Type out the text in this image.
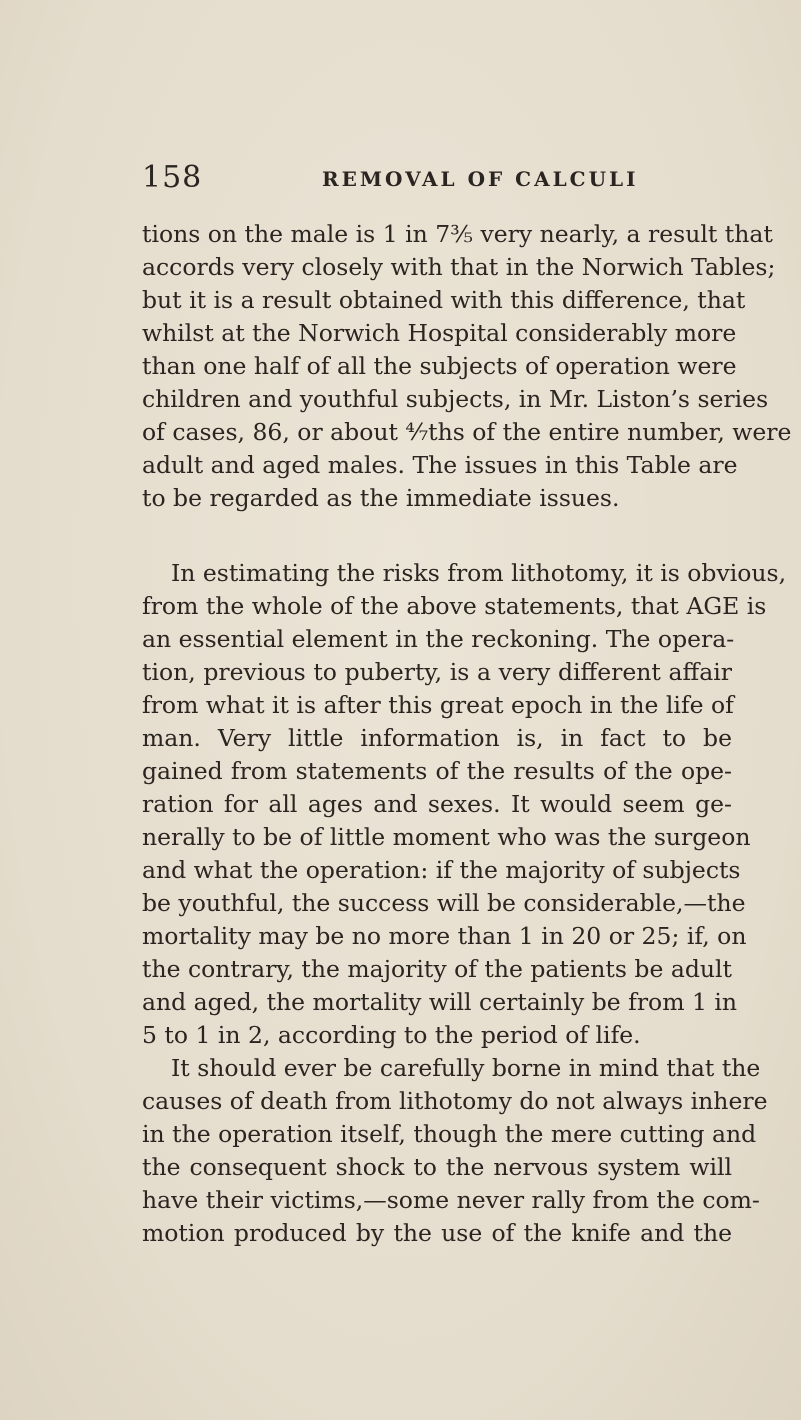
158	REMOVAL OF CALCULI
tions on the male is 1 in 7⅗ very nearly, a result that
accords very closely with that in the Norwich Tables;
but it is a result obtained with this difference, that
whilst at the Norwich Hospital considerably more
than one half of all the subjects of operation were
children and youthful subjects, in Mr. Liston’s series
of cases, 86, or about ⁴⁄₇ths of the entire number, were
adult and aged males. The issues in this Table are
to be regarded as the immediate issues.
In estimating the risks from lithotomy, it is obvious,
from the whole of the above statements, that AGE is
an essential element in the reckoning. The opera-
tion, previous to puberty, is a very different affair
from what it is after this great epoch in the life of
man. Very little information is, in fact to be
gained from statements of the results of the ope-
ration for all ages and sexes. It would seem ge-
nerally to be of little moment who was the surgeon
and what the operation: if the majority of subjects
be youthful, the success will be considerable,—the
mortality may be no more than 1 in 20 or 25; if, on
the contrary, the majority of the patients be adult
and aged, the mortality will certainly be from 1 in
5 to 1 in 2, according to the period of life.
It should ever be carefully borne in mind that the
causes of death from lithotomy do not always inhere
in the operation itself, though the mere cutting and
the consequent shock to the nervous system will
have their victims,—some never rally from the com-
motion produced by the use of the knife and the
